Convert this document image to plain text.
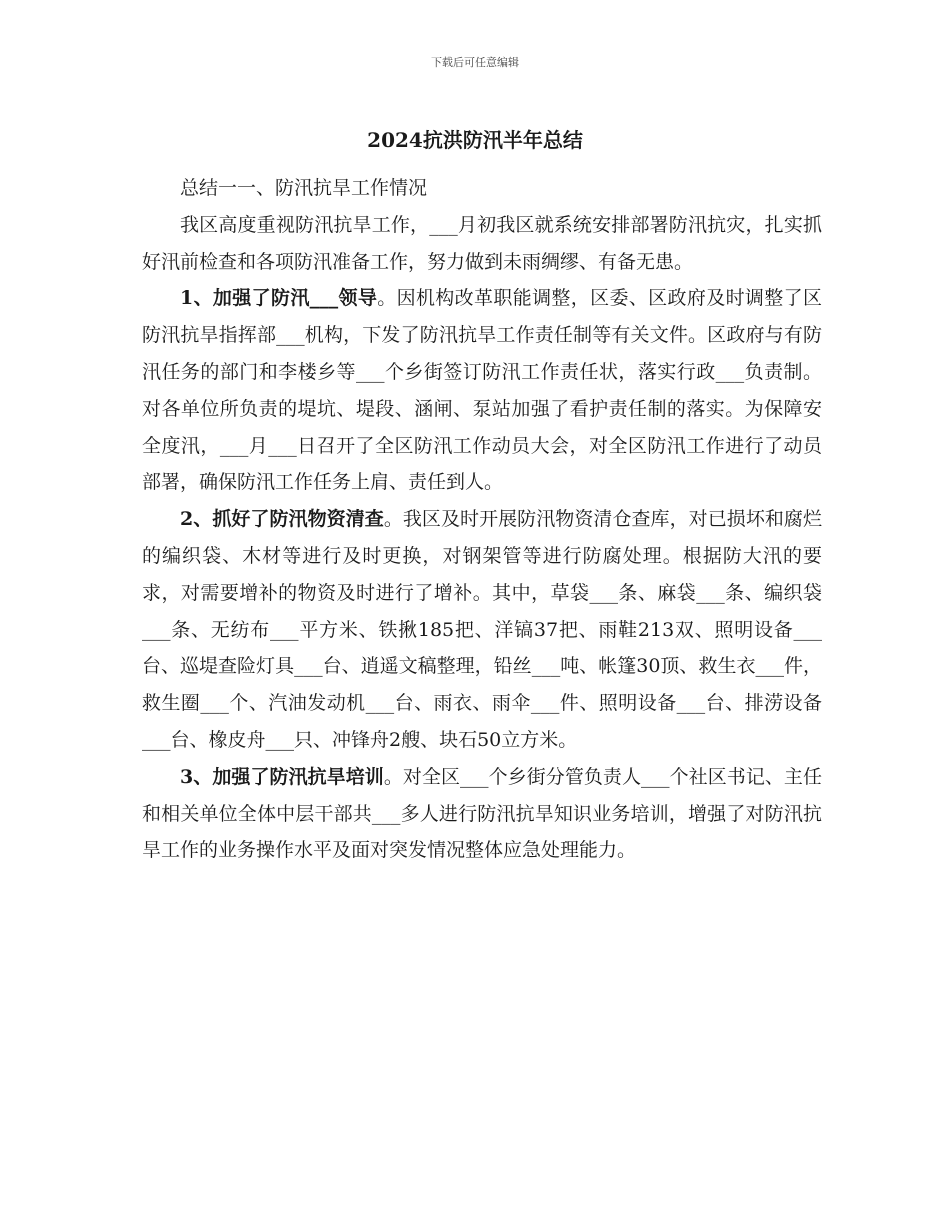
下载后可任意编辑
2024抗洪防汛半年总结

总结一一、防汛抗旱工作情况

我区高度重视防汛抗旱工作，___月初我区就系统安排部署防汛抗灾，扎实抓好汛前检查和各项防汛准备工作，努力做到未雨绸缪、有备无患。

1、加强了防汛___领导。因机构改革职能调整，区委、区政府及时调整了区防汛抗旱指挥部___机构，下发了防汛抗旱工作责任制等有关文件。区政府与有防汛任务的部门和李楼乡等___个乡街签订防汛工作责任状，落实行政___负责制。对各单位所负责的堤坑、堤段、涵闸、泵站加强了看护责任制的落实。为保障安全度汛，___月___日召开了全区防汛工作动员大会，对全区防汛工作进行了动员部署，确保防汛工作任务上肩、责任到人。

2、抓好了防汛物资清查。我区及时开展防汛物资清仓查库，对已损坏和腐烂的编织袋、木材等进行及时更换，对钢架管等进行防腐处理。根据防大汛的要求，对需要增补的物资及时进行了增补。其中，草袋___条、麻袋___条、编织袋___条、无纺布___平方米、铁揪185把、洋镐37把、雨鞋213双、照明设备___台、巡堤查险灯具___台、逍遥文稿整理，铅丝___吨、帐篷30顶、救生衣___件，救生圈___个、汽油发动机___台、雨衣、雨伞___件、照明设备___台、排涝设备___台、橡皮舟___只、冲锋舟2艘、块石50立方米。

3、加强了防汛抗旱培训。对全区___个乡街分管负责人___个社区书记、主任和相关单位全体中层干部共___多人进行防汛抗旱知识业务培训，增强了对防汛抗旱工作的业务操作水平及面对突发情况整体应急处理能力。
